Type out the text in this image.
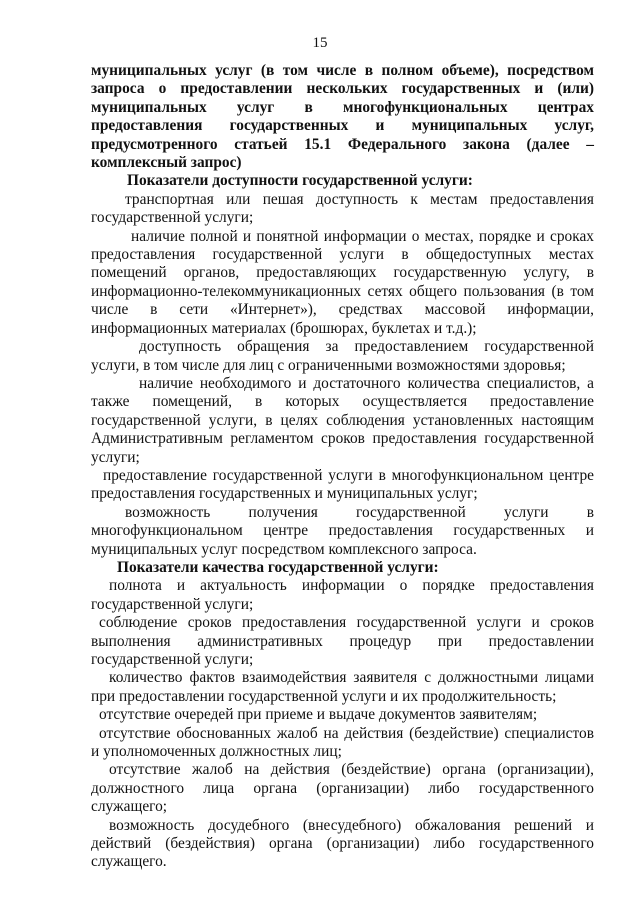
15

муниципальных услуг (в том числе в полном объеме), посредством запроса о предоставлении нескольких государственных и (или) муниципальных услуг в многофункциональных центрах предоставления государственных и муниципальных услуг, предусмотренного статьей 15.1 Федерального закона (далее – комплексный запрос)

Показатели доступности государственной услуги:

транспортная или пешая доступность к местам предоставления государственной услуги;

наличие полной и понятной информации о местах, порядке и сроках предоставления государственной услуги в общедоступных местах помещений органов, предоставляющих государственную услугу, в информационно-телекоммуникационных сетях общего пользования (в том числе в сети «Интернет»), средствах массовой информации, информационных материалах (брошюрах, буклетах и т.д.);

доступность обращения за предоставлением государственной услуги, в том числе для лиц с ограниченными возможностями здоровья;

наличие необходимого и достаточного количества специалистов, а также помещений, в которых осуществляется предоставление государственной услуги, в целях соблюдения установленных настоящим Административным регламентом сроков предоставления государственной услуги;

предоставление государственной услуги в многофункциональном центре предоставления государственных и муниципальных услуг;

возможность получения государственной услуги в многофункциональном центре предоставления государственных и муниципальных услуг посредством комплексного запроса.

Показатели качества государственной услуги:

полнота и актуальность информации о порядке предоставления государственной услуги;

соблюдение сроков предоставления государственной услуги и сроков выполнения административных процедур при предоставлении государственной услуги;

количество фактов взаимодействия заявителя с должностными лицами при предоставлении государственной услуги и их продолжительность;

отсутствие очередей при приеме и выдаче документов заявителям;

отсутствие обоснованных жалоб на действия (бездействие) специалистов и уполномоченных должностных лиц;

отсутствие жалоб на действия (бездействие) органа (организации), должностного лица органа (организации) либо государственного служащего;

возможность досудебного (внесудебного) обжалования решений и действий (бездействия) органа (организации) либо государственного служащего.
